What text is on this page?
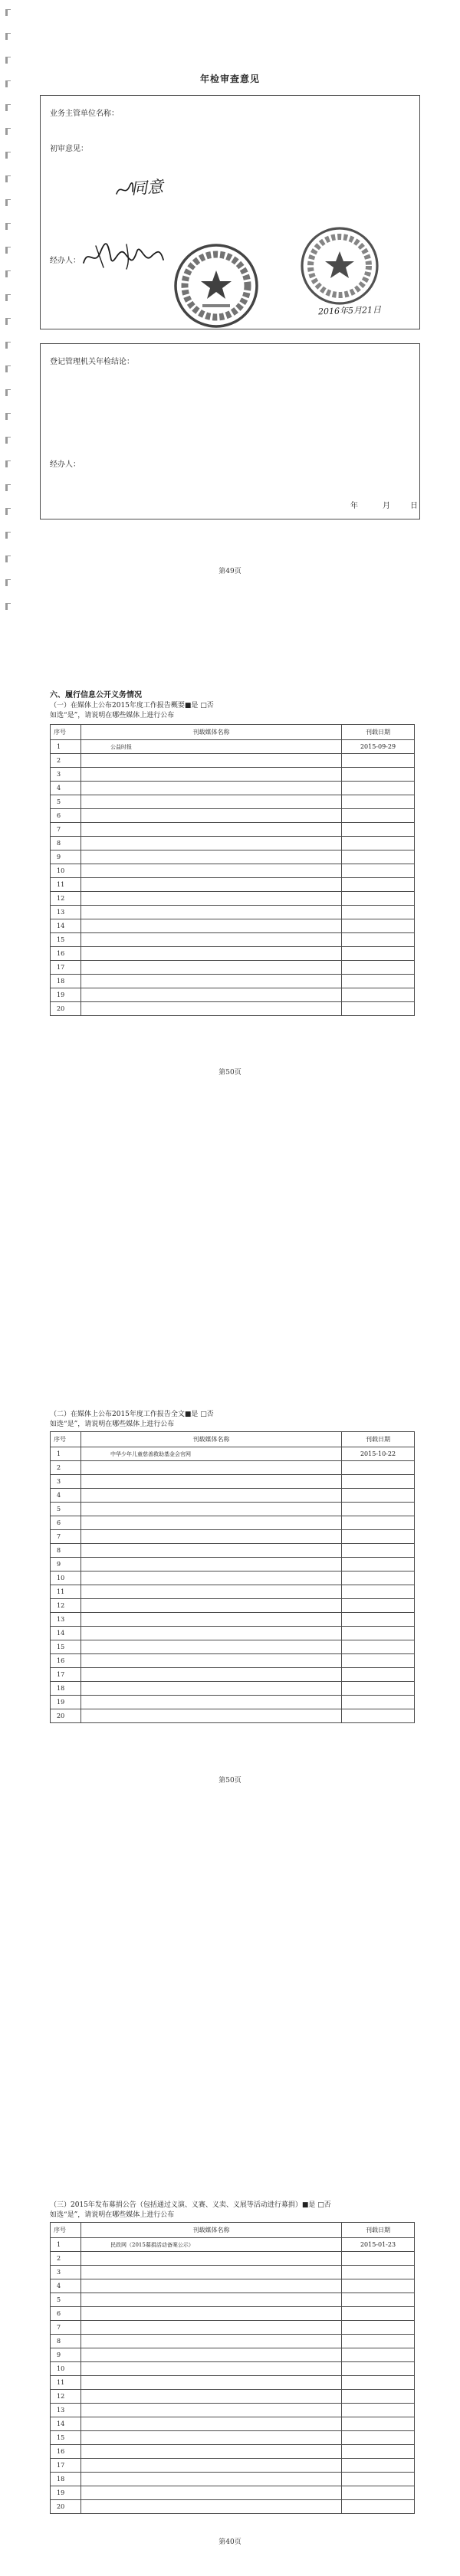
年检审查意见
业务主管单位名称：
初审意见：
同意
经办人：
2016年5月21日
登记管理机关年检结论：
经办人：
年	月	日
第49页
六、履行信息公开义务情况
（一）在媒体上公布2015年度工作报告概要■是 □否
如选“是”，请说明在哪些媒体上进行公布
序号	刊载媒体名称	刊载日期
1	公益时报	2015-09-29
2		
3		
4		
5		
6		
7		
8		
9		
10		
11		
12		
13		
14		
15		
16		
17		
18		
19		
20		
第50页
（二）在媒体上公布2015年度工作报告全文■是 □否
如选“是”，请说明在哪些媒体上进行公布
序号	刊载媒体名称	刊载日期
1	中华少年儿童慈善救助基金会官网	2015-10-22
2		
3		
4		
5		
6		
7		
8		
9		
10		
11		
12		
13		
14		
15		
16		
17		
18		
19		
20		
第50页
（三）2015年发布募捐公告（包括通过义演、义赛、义卖、义展等活动进行募捐）■是 □否
如选“是”，请说明在哪些媒体上进行公布
序号	刊载媒体名称	刊载日期
1	民政网（2015募捐活动备案公示）	2015-01-23
2		
3		
4		
5		
6		
7		
8		
9		
10		
11		
12		
13		
14		
15		
16		
17		
18		
19		
20		
第40页
